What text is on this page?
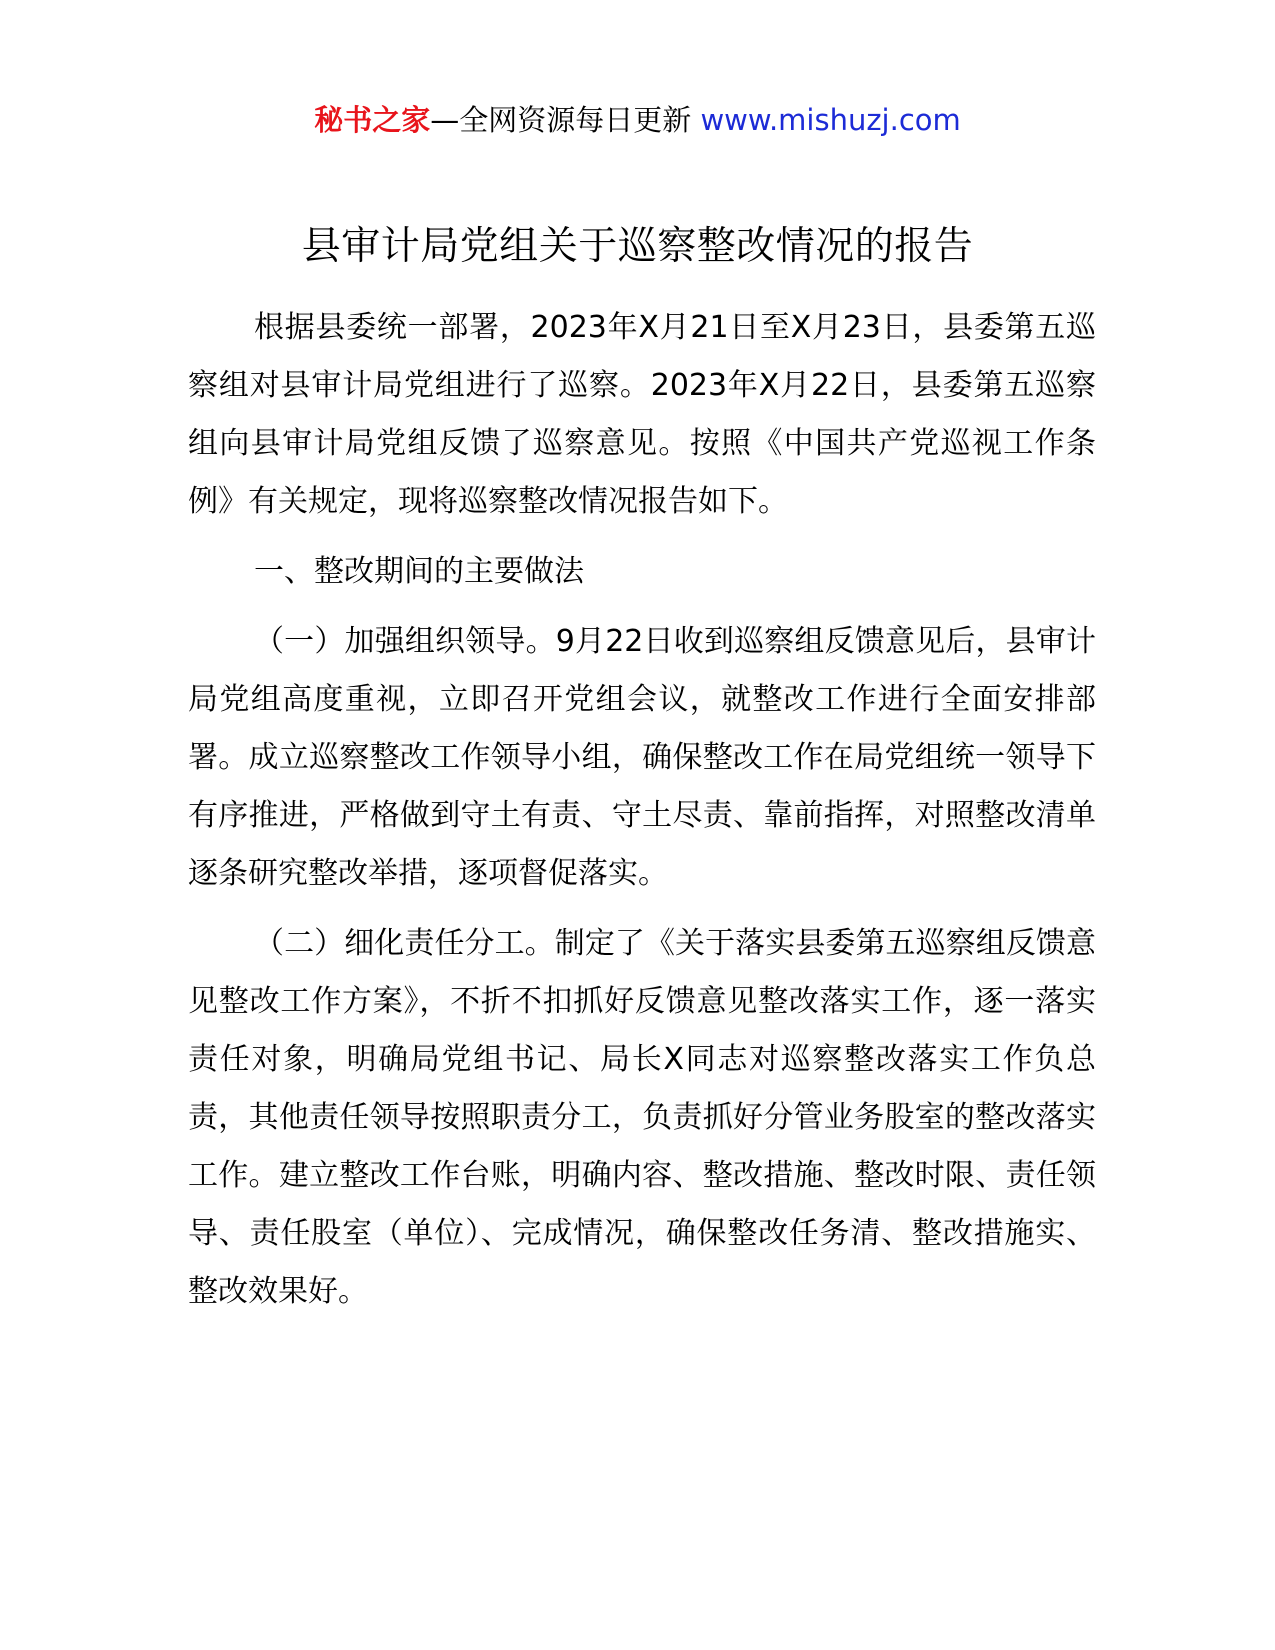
秘书之家—全网资源每日更新 www.mishuzj.com
县审计局党组关于巡察整改情况的报告

根据县委统一部署，2023年X月21日至X月23日，县委第五巡察组对县审计局党组进行了巡察。2023年X月22日，县委第五巡察组向县审计局党组反馈了巡察意见。按照《中国共产党巡视工作条例》有关规定，现将巡察整改情况报告如下。

一、整改期间的主要做法

（一）加强组织领导。9月22日收到巡察组反馈意见后，县审计局党组高度重视，立即召开党组会议，就整改工作进行全面安排部署。成立巡察整改工作领导小组，确保整改工作在局党组统一领导下有序推进，严格做到守土有责、守土尽责、靠前指挥，对照整改清单逐条研究整改举措，逐项督促落实。

（二）细化责任分工。制定了《关于落实县委第五巡察组反馈意见整改工作方案》，不折不扣抓好反馈意见整改落实工作，逐一落实责任对象，明确局党组书记、局长X同志对巡察整改落实工作负总责，其他责任领导按照职责分工，负责抓好分管业务股室的整改落实工作。建立整改工作台账，明确内容、整改措施、整改时限、责任领导、责任股室（单位）、完成情况，确保整改任务清、整改措施实、整改效果好。
